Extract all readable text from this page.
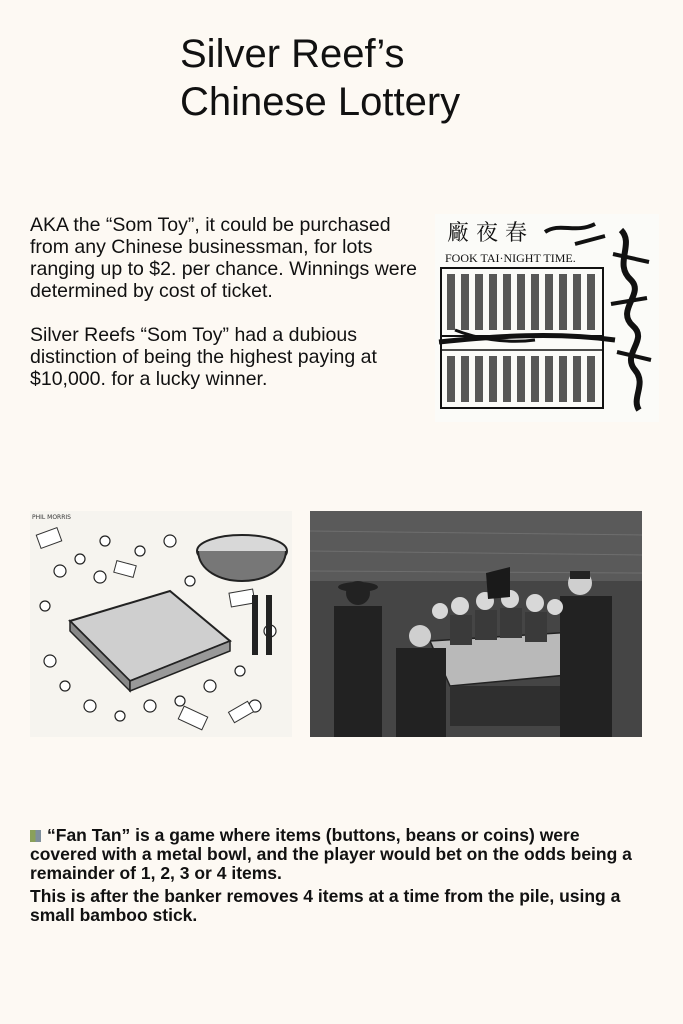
Silver Reef’s
Chinese Lottery

AKA the “Som Toy”, it could be purchased from any Chinese businessman, for lots ranging up to $2. per chance. Winnings were determined by cost of ticket.

Silver Reefs “Som Toy” had a dubious distinction of being the highest paying at $10,000. for a lucky winner.

廠 夜 春
FOOK TAI·NIGHT TIME.
PHIL MORRIS

“Fan Tan” is a game where items (buttons, beans or coins) were covered with a metal bowl, and the player would bet on the odds being a remainder of 1, 2, 3 or 4 items.

This is after the banker removes 4 items at a time from the pile, using a small bamboo stick.
